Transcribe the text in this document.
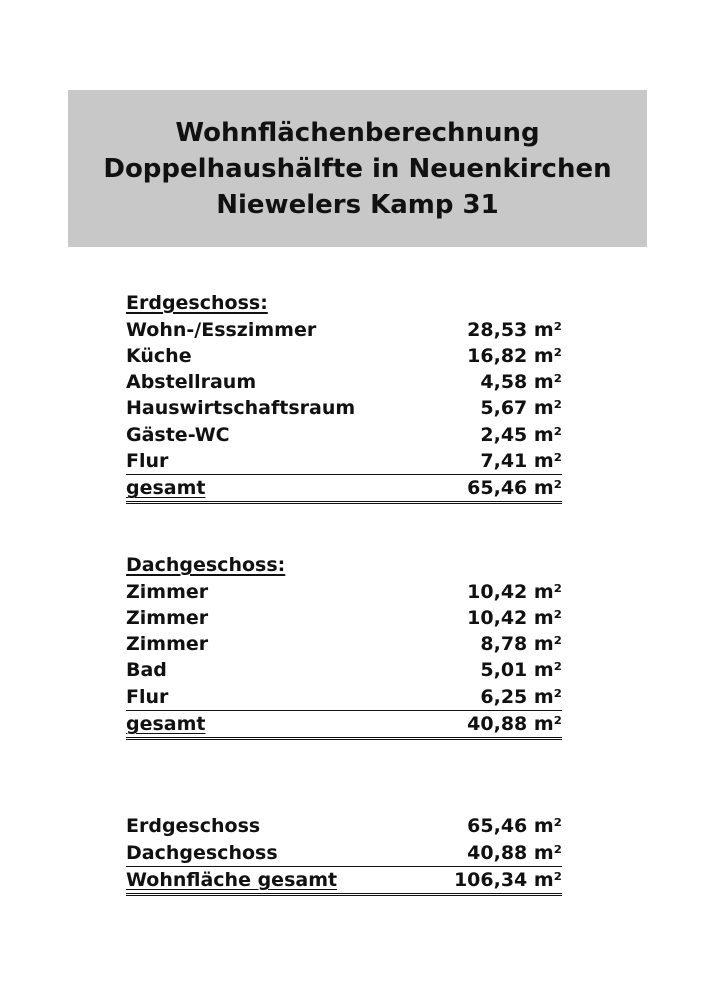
Wohnflächenberechnung
Doppelhaushälfte in Neuenkirchen
Niewelers Kamp 31
Erdgeschoss:
Wohn-/Esszimmer	28,53 m²
Küche	16,82 m²
Abstellraum	4,58 m²
Hauswirtschaftsraum	5,67 m²
Gäste-WC	2,45 m²
Flur	7,41 m²
gesamt	65,46 m²
Dachgeschoss:
Zimmer	10,42 m²
Zimmer	10,42 m²
Zimmer	8,78 m²
Bad	5,01 m²
Flur	6,25 m²
gesamt	40,88 m²
Erdgeschoss	65,46 m²
Dachgeschoss	40,88 m²
Wohnfläche gesamt	106,34 m²
